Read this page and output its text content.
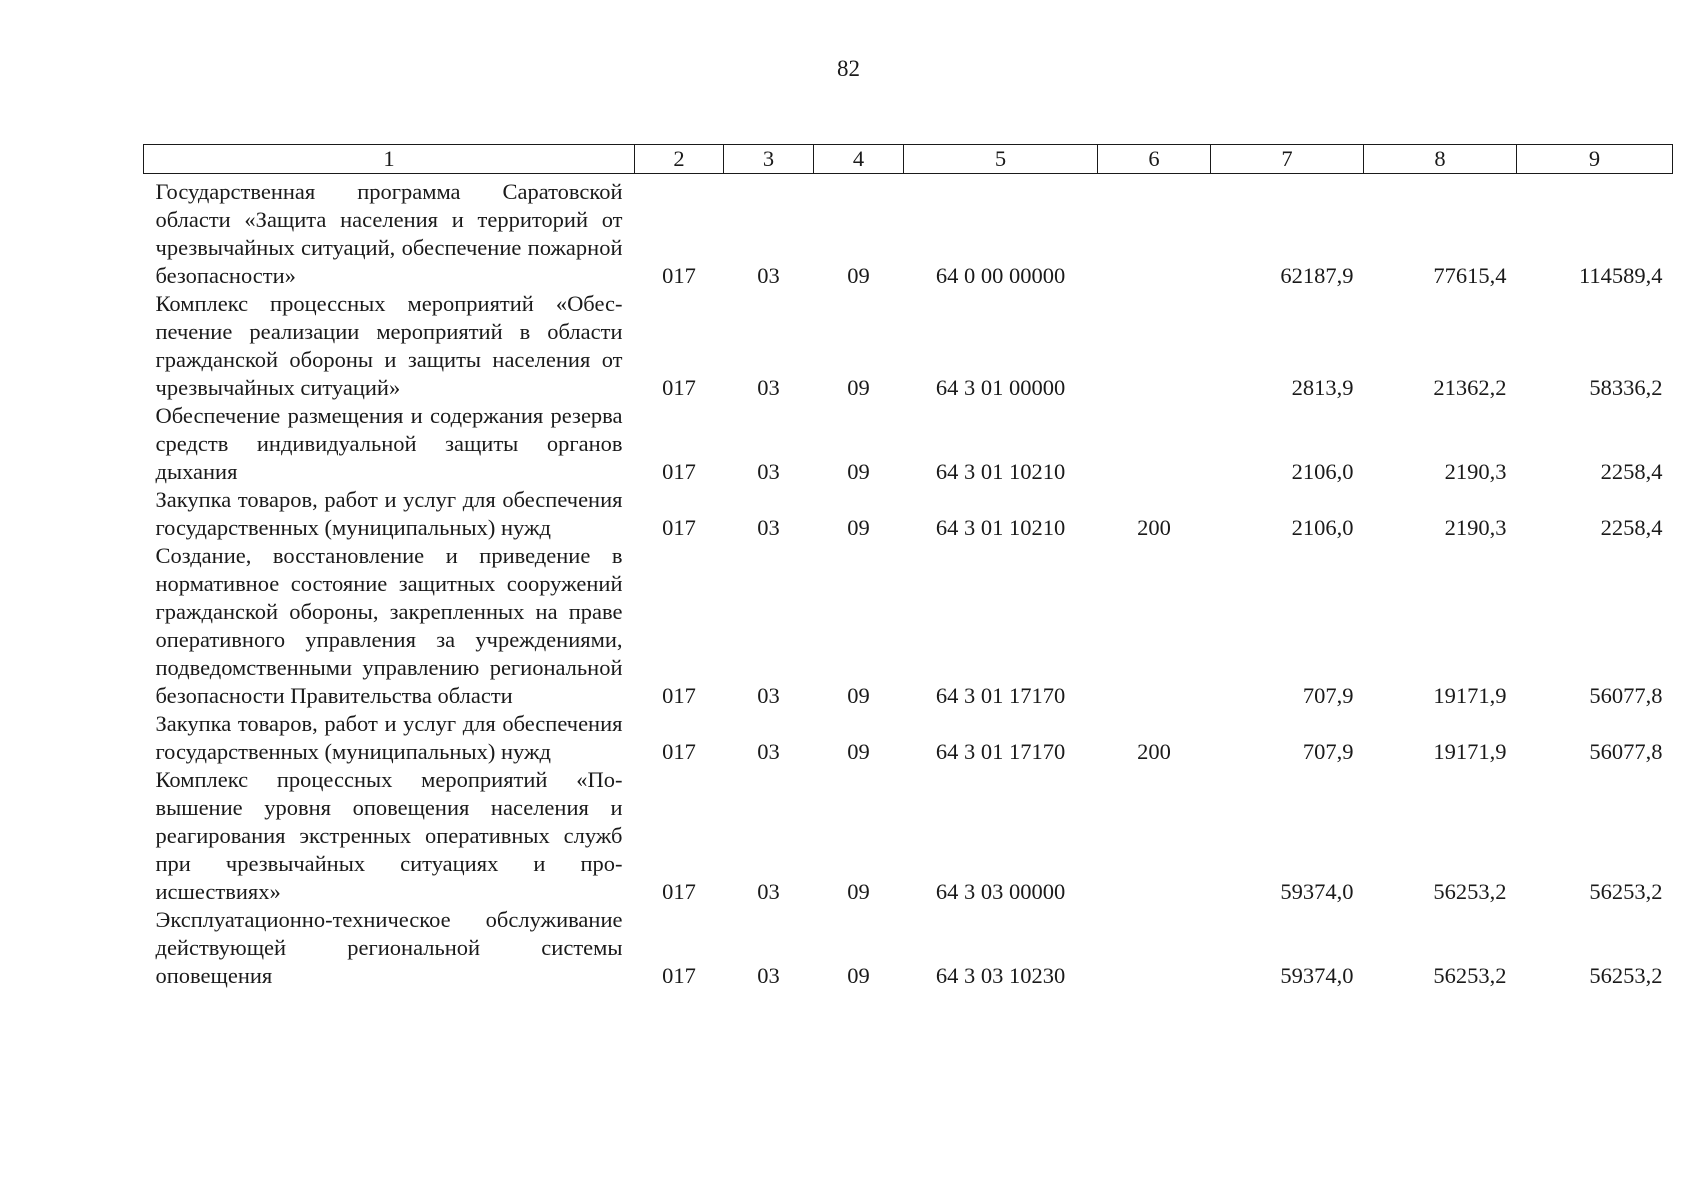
82
1	2	3	4	5	6	7	8	9
Государственная программа Саратовской области «Защита населения и территорий от чрезвычайных ситуаций, обеспечение пожарной безопасности»	017	03	09	64 0 00 00000		62187,9	77615,4	114589,4
Комплекс процессных мероприятий «Обеспечение реализации мероприятий в области гражданской обороны и защиты населения от чрезвычайных ситуаций»	017	03	09	64 3 01 00000		2813,9	21362,2	58336,2
Обеспечение размещения и содержания резерва средств индивидуальной защиты органов дыхания	017	03	09	64 3 01 10210		2106,0	2190,3	2258,4
Закупка товаров, работ и услуг для обеспечения государственных (муниципальных) нужд	017	03	09	64 3 01 10210	200	2106,0	2190,3	2258,4
Создание, восстановление и приведение в нормативное состояние защитных сооружений гражданской обороны, закрепленных на праве оперативного управления за учреждениями, подведомственными управлению региональной безопасности Правительства области	017	03	09	64 3 01 17170		707,9	19171,9	56077,8
Закупка товаров, работ и услуг для обеспечения государственных (муниципальных) нужд	017	03	09	64 3 01 17170	200	707,9	19171,9	56077,8
Комплекс процессных мероприятий «Повышение уровня оповещения населения и реагирования экстренных оперативных служб при чрезвычайных ситуациях и происшествиях»	017	03	09	64 3 03 00000		59374,0	56253,2	56253,2
Эксплуатационно-техническое обслуживание действующей региональной системы оповещения	017	03	09	64 3 03 10230		59374,0	56253,2	56253,2
